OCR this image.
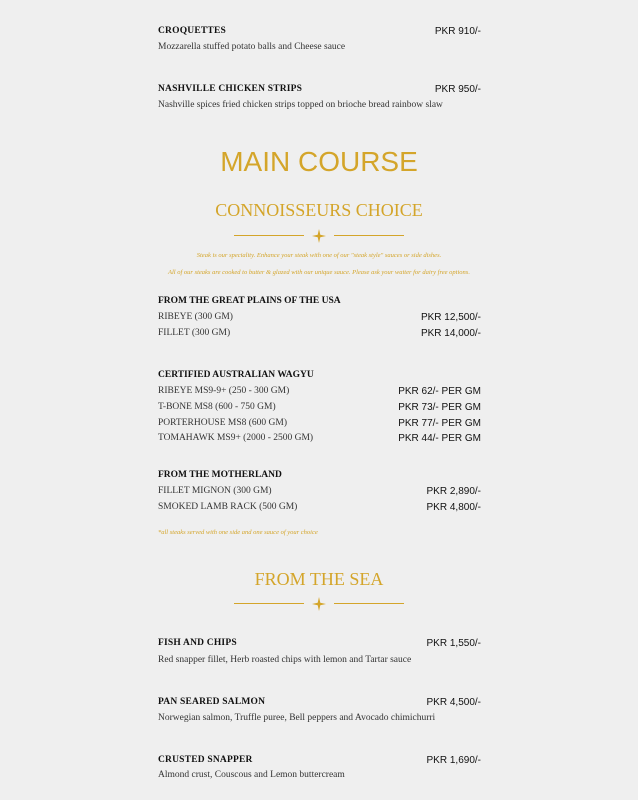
CROQUETTES	PKR 910/-
Mozzarella stuffed potato balls and Cheese sauce
NASHVILLE CHICKEN STRIPS	PKR 950/-
Nashville spices fried chicken strips topped on brioche bread rainbow slaw
MAIN COURSE
CONNOISSEURS CHOICE
Steak is our speciality. Enhance your steak with one of our "steak style" sauces or side dishes.
All of our steaks are cooked to butter & glazed with our unique sauce. Please ask your waiter for dairy free options.
FROM THE GREAT PLAINS OF THE USA
RIBEYE (300 GM)	PKR 12,500/-
FILLET (300 GM)	PKR 14,000/-
CERTIFIED AUSTRALIAN WAGYU
RIBEYE MS9-9+ (250 - 300 GM)	PKR 62/- PER GM
T-BONE MS8 (600 - 750 GM)	PKR 73/- PER GM
PORTERHOUSE MS8 (600 GM)	PKR 77/- PER GM
TOMAHAWK MS9+ (2000 - 2500 GM)	PKR 44/- PER GM
FROM THE MOTHERLAND
FILLET MIGNON (300 GM)	PKR 2,890/-
SMOKED LAMB RACK (500 GM)	PKR 4,800/-
*all steaks served with one side and one sauce of your choice
FROM THE SEA
FISH AND CHIPS	PKR 1,550/-
Red snapper fillet, Herb roasted chips with lemon and Tartar sauce
PAN SEARED SALMON	PKR 4,500/-
Norwegian salmon, Truffle puree, Bell peppers and Avocado chimichurri
CRUSTED SNAPPER	PKR 1,690/-
Almond crust, Couscous and Lemon buttercream
